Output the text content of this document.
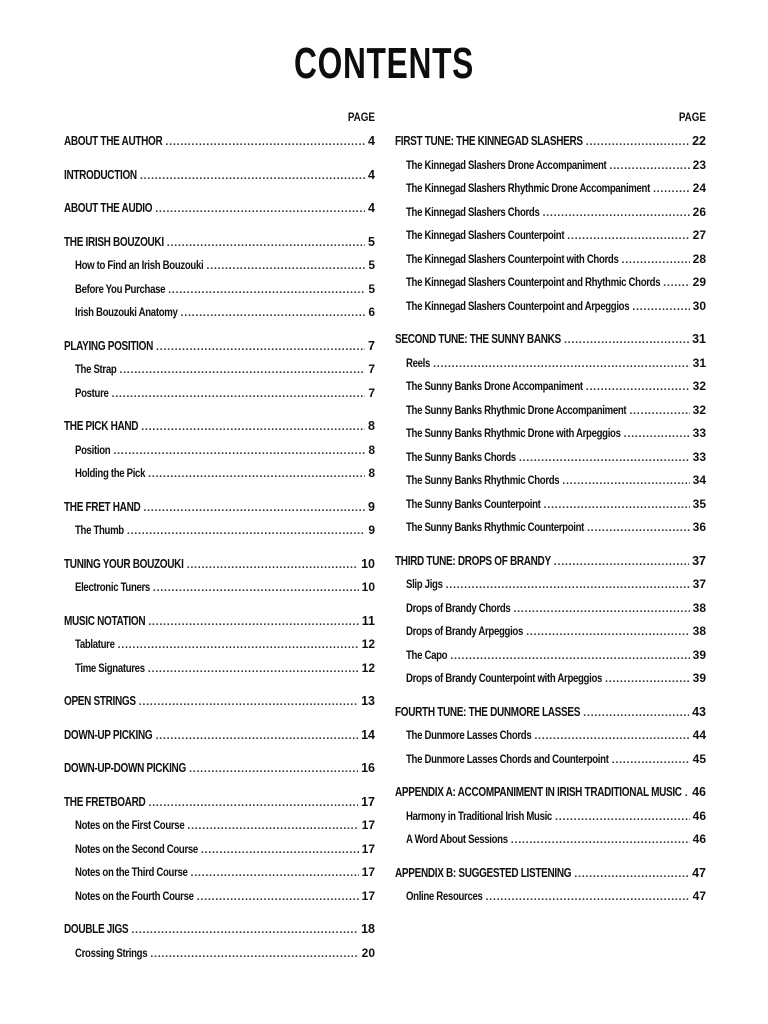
CONTENTS
PAGE
ABOUT THE AUTHOR . . .	4
INTRODUCTION . . .	4
ABOUT THE AUDIO . . .	4
THE IRISH BOUZOUKI . . .	5
How to Find an Irish Bouzouki . . .	5
Before You Purchase . . .	5
Irish Bouzouki Anatomy . . .	6
PLAYING POSITION . . .	7
The Strap . . .	7
Posture . . .	7
THE PICK HAND . . .	8
Position . . .	8
Holding the Pick . . .	8
THE FRET HAND . . .	9
The Thumb . . .	9
TUNING YOUR BOUZOUKI . . .	10
Electronic Tuners . . .	10
MUSIC NOTATION . . .	11
Tablature . . .	12
Time Signatures . . .	12
OPEN STRINGS . . .	13
DOWN-UP PICKING . . .	14
DOWN-UP-DOWN PICKING . . .	16
THE FRETBOARD . . .	17
Notes on the First Course . . .	17
Notes on the Second Course . . .	17
Notes on the Third Course . . .	17
Notes on the Fourth Course . . .	17
DOUBLE JIGS . . .	18
Crossing Strings . . .	20
PAGE
FIRST TUNE: THE KINNEGAD SLASHERS . . .	22
The Kinnegad Slashers Drone Accompaniment . . .	23
The Kinnegad Slashers Rhythmic Drone Accompaniment . . .	24
The Kinnegad Slashers Chords . . .	26
The Kinnegad Slashers Counterpoint . . .	27
The Kinnegad Slashers Counterpoint with Chords . . .	28
The Kinnegad Slashers Counterpoint and Rhythmic Chords . . .	29
The Kinnegad Slashers Counterpoint and Arpeggios . . .	30
SECOND TUNE: THE SUNNY BANKS . . .	31
Reels . . .	31
The Sunny Banks Drone Accompaniment . . .	32
The Sunny Banks Rhythmic Drone Accompaniment . . .	32
The Sunny Banks Rhythmic Drone with Arpeggios . . .	33
The Sunny Banks Chords . . .	33
The Sunny Banks Rhythmic Chords . . .	34
The Sunny Banks Counterpoint . . .	35
The Sunny Banks Rhythmic Counterpoint . . .	36
THIRD TUNE: DROPS OF BRANDY . . .	37
Slip Jigs . . .	37
Drops of Brandy Chords . . .	38
Drops of Brandy Arpeggios . . .	38
The Capo . . .	39
Drops of Brandy Counterpoint with Arpeggios . . .	39
FOURTH TUNE: THE DUNMORE LASSES . . .	43
The Dunmore Lasses Chords . . .	44
The Dunmore Lasses Chords and Counterpoint . . .	45
APPENDIX A: ACCOMPANIMENT IN IRISH TRADITIONAL MUSIC . . . 46
Harmony in Traditional Irish Music . . .	46
A Word About Sessions . . .	46
APPENDIX B: SUGGESTED LISTENING . . .	47
Online Resources . . .	47
